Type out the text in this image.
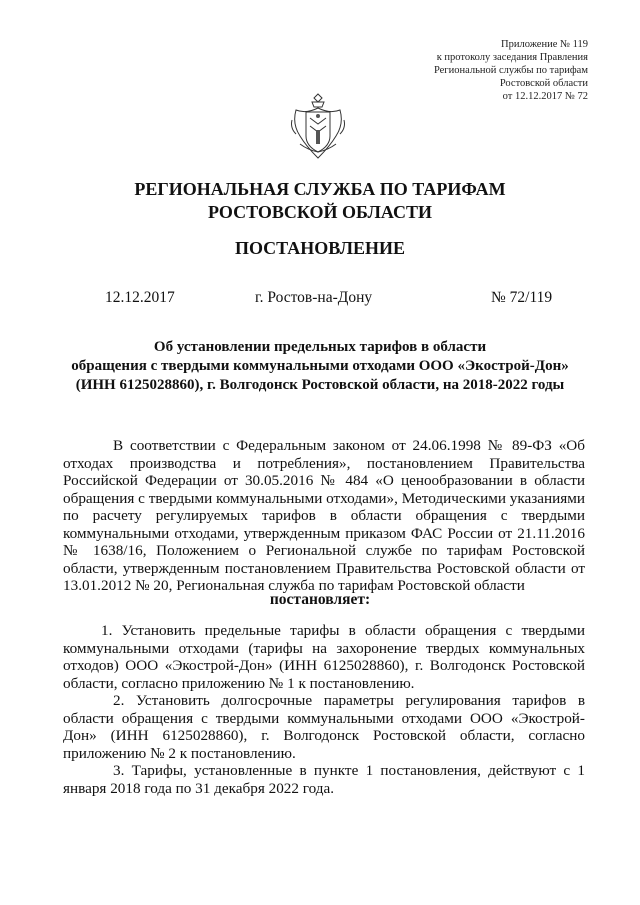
Приложение № 119
к протоколу заседания Правления
Региональной службы по тарифам
Ростовской области
от 12.12.2017 № 72
РЕГИОНАЛЬНАЯ СЛУЖБА ПО ТАРИФАМ
РОСТОВСКОЙ ОБЛАСТИ
ПОСТАНОВЛЕНИЕ
12.12.2017	г. Ростов-на-Дону	№ 72/119
Об установлении предельных тарифов в области
обращения с твердыми коммунальными отходами ООО «Экострой-Дон»
(ИНН 6125028860), г. Волгодонск Ростовской области, на 2018-2022 годы
В соответствии с Федеральным законом от 24.06.1998 № 89-ФЗ «Об отходах производства и потребления», постановлением Правительства Российской Федерации от 30.05.2016 № 484 «О ценообразовании в области обращения с твердыми коммунальными отходами», Методическими указаниями по расчету регулируемых тарифов в области обращения с твердыми коммунальными отходами, утвержденным приказом ФАС России от 21.11.2016 № 1638/16, Положением о Региональной службе по тарифам Ростовской области, утвержденным постановлением Правительства Ростовской области от 13.01.2012 № 20, Региональная служба по тарифам Ростовской области
постановляет:

1. Установить предельные тарифы в области обращения с твердыми коммунальными отходами (тарифы на захоронение твердых коммунальных отходов) ООО «Экострой-Дон» (ИНН 6125028860), г. Волгодонск Ростовской области, согласно приложению № 1 к постановлению.

2. Установить долгосрочные параметры регулирования тарифов в области обращения с твердыми коммунальными отходами ООО «Экострой-Дон» (ИНН 6125028860), г. Волгодонск Ростовской области, согласно приложению № 2 к постановлению.

3. Тарифы, установленные в пункте 1 постановления, действуют с 1 января 2018 года по 31 декабря 2022 года.
